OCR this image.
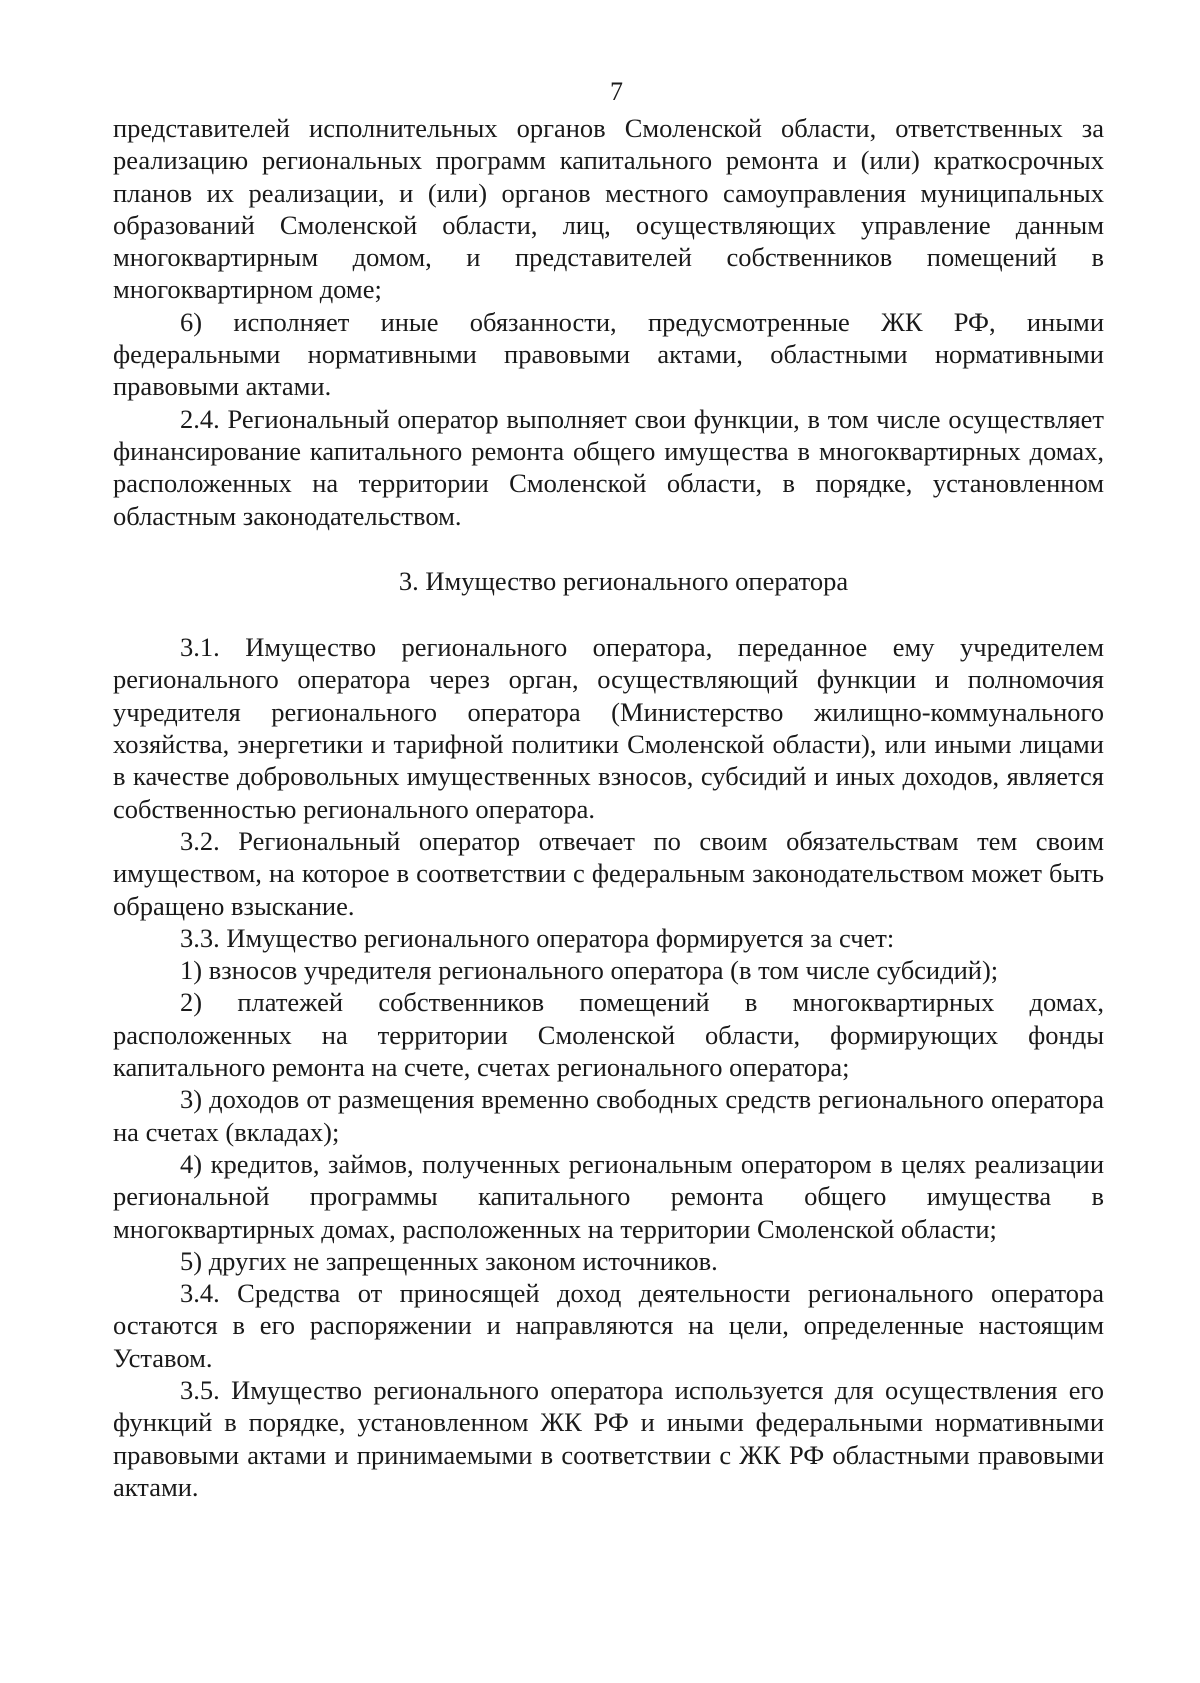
7

представителей исполнительных органов Смоленской области, ответственных за реализацию региональных программ капитального ремонта и (или) краткосрочных планов их реализации, и (или) органов местного самоуправления муниципальных образований Смоленской области, лиц, осуществляющих управление данным многоквартирным домом, и представителей собственников помещений в многоквартирном доме;

6) исполняет иные обязанности, предусмотренные ЖК РФ, иными федеральными нормативными правовыми актами, областными нормативными правовыми актами.

2.4. Региональный оператор выполняет свои функции, в том числе осуществляет финансирование капитального ремонта общего имущества в многоквартирных домах, расположенных на территории Смоленской области, в порядке, установленном областным законодательством.

3. Имущество регионального оператора

3.1. Имущество регионального оператора, переданное ему учредителем регионального оператора через орган, осуществляющий функции и полномочия учредителя регионального оператора (Министерство жилищно-коммунального хозяйства, энергетики и тарифной политики Смоленской области), или иными лицами в качестве добровольных имущественных взносов, субсидий и иных доходов, является собственностью регионального оператора.

3.2. Региональный оператор отвечает по своим обязательствам тем своим имуществом, на которое в соответствии с федеральным законодательством может быть обращено взыскание.

3.3. Имущество регионального оператора формируется за счет:

1) взносов учредителя регионального оператора (в том числе субсидий);

2) платежей собственников помещений в многоквартирных домах, расположенных на территории Смоленской области, формирующих фонды капитального ремонта на счете, счетах регионального оператора;

3) доходов от размещения временно свободных средств регионального оператора на счетах (вкладах);

4) кредитов, займов, полученных региональным оператором в целях реализации региональной программы капитального ремонта общего имущества в многоквартирных домах, расположенных на территории Смоленской области;

5) других не запрещенных законом источников.

3.4. Средства от приносящей доход деятельности регионального оператора остаются в его распоряжении и направляются на цели, определенные настоящим Уставом.

3.5. Имущество регионального оператора используется для осуществления его функций в порядке, установленном ЖК РФ и иными федеральными нормативными правовыми актами и принимаемыми в соответствии с ЖК РФ областными правовыми актами.
